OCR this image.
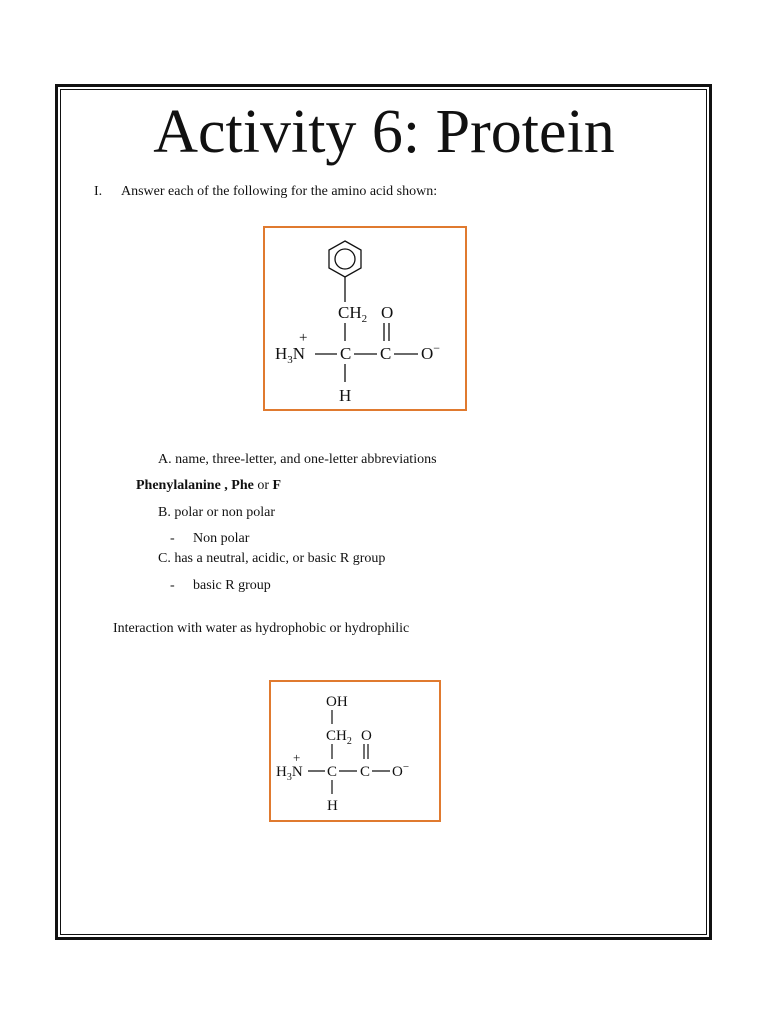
Activity 6: Protein
I. Answer each of the following for the amino acid shown:
$CH_2$ O
+
$H_3N$ C C O−
H
A. name, three-letter, and one-letter abbreviations
Phenylalanine , Phe or F
B. polar or non polar
- Non polar
C. has a neutral, acidic, or basic R group
- basic R group
Interaction with water as hydrophobic or hydrophilic
OH
$CH_2$ O
+
$H_3N$ C C O−
H
